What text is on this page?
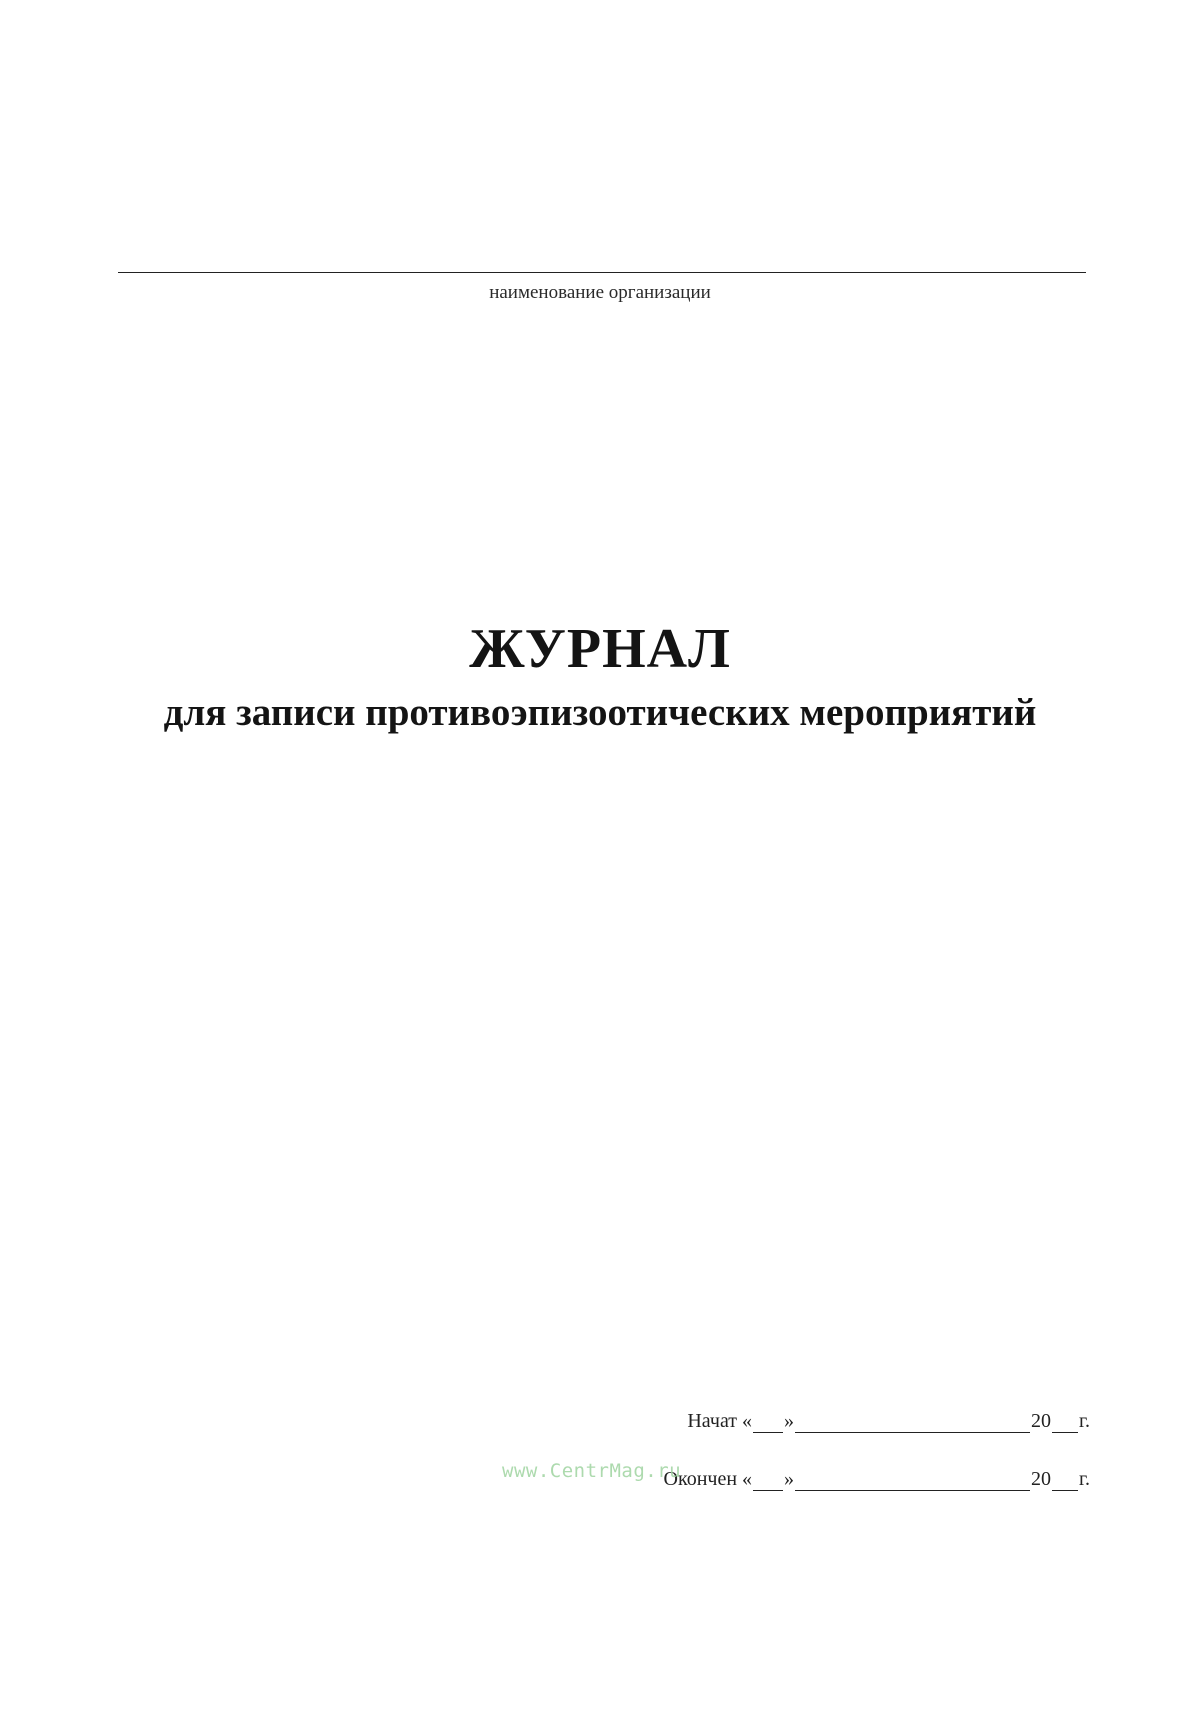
наименование организации
ЖУРНАЛ
для записи противоэпизоотических мероприятий
Начат « »	20 г.
Окончен « »	20 г.
www.CentrMag.ru
